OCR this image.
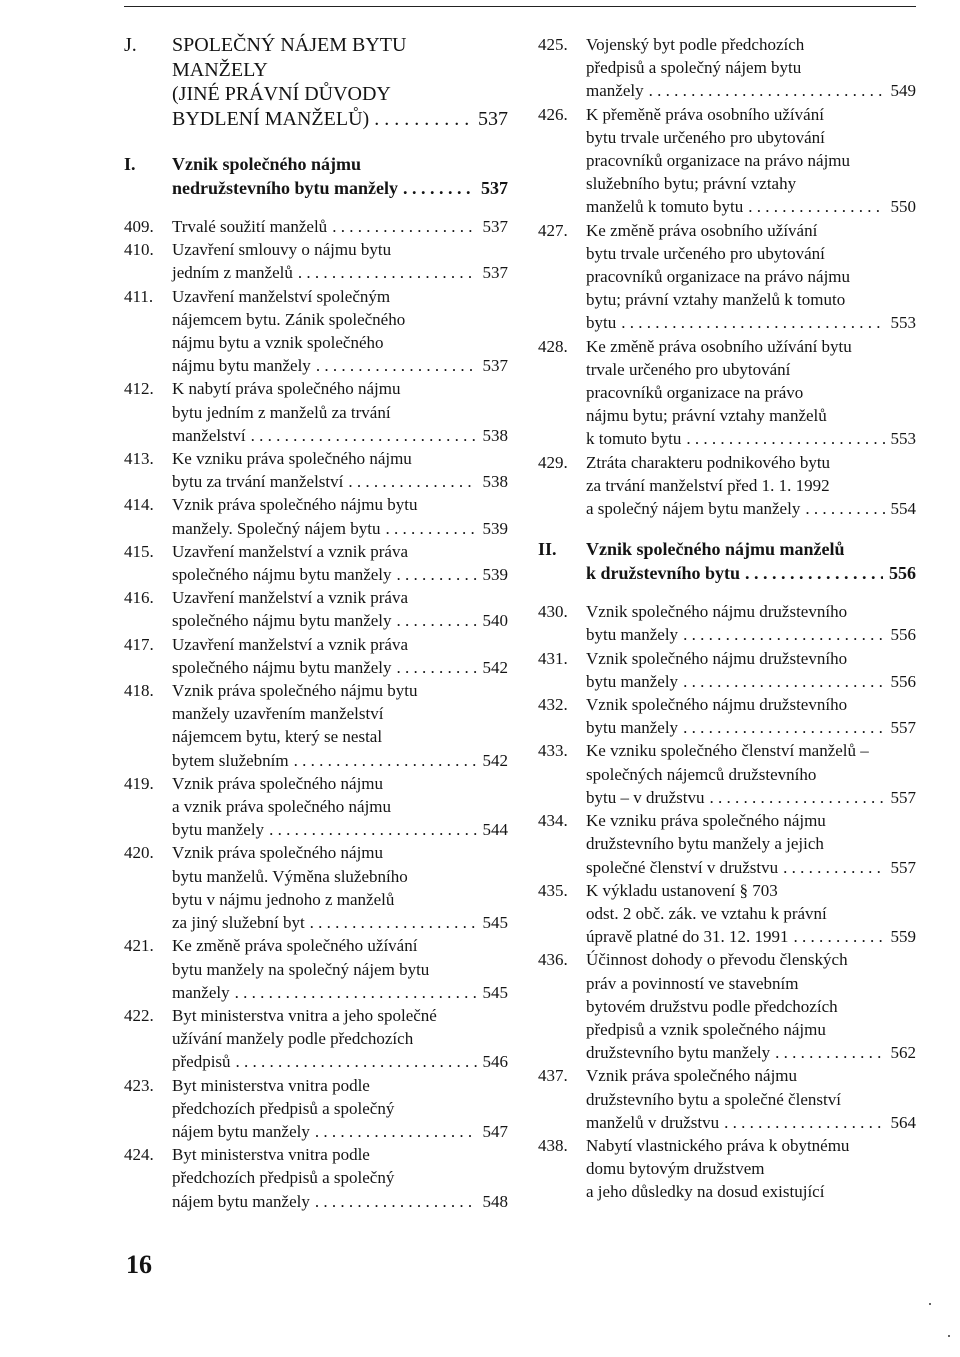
J.	SPOLEČNÝ NÁJEM BYTU
MANŽELY
(JINÉ PRÁVNÍ DŮVODY
BYDLENÍ MANŽELŮ) . . .	537
I.	Vznik společného nájmu
nedružstevního bytu manžely . . .	537
409.	Trvalé soužití manželů . . .	537
410.	Uzavření smlouvy o nájmu bytu
jedním z manželů . . .	537
411.	Uzavření manželství společným
nájemcem bytu. Zánik společného
nájmu bytu a vznik společného
nájmu bytu manžely . . .	537
412.	K nabytí práva společného nájmu
bytu jedním z manželů za trvání
manželství . . .	538
413.	Ke vzniku práva společného nájmu
bytu za trvání manželství . . .	538
414.	Vznik práva společného nájmu bytu
manžely. Společný nájem bytu . . .	539
415.	Uzavření manželství a vznik práva
společného nájmu bytu manžely . . .	539
416.	Uzavření manželství a vznik práva
společného nájmu bytu manžely . . .	540
417.	Uzavření manželství a vznik práva
společného nájmu bytu manžely . . .	542
418.	Vznik práva společného nájmu bytu
manžely uzavřením manželství
nájemcem bytu, který se nestal
bytem služebním . . .	542
419.	Vznik práva společného nájmu
a vznik práva společného nájmu
bytu manžely . . .	544
420.	Vznik práva společného nájmu
bytu manželů. Výměna služebního
bytu v nájmu jednoho z manželů
za jiný služební byt . . .	545
421.	Ke změně práva společného užívání
bytu manžely na společný nájem bytu
manžely . . .	545
422.	Byt ministerstva vnitra a jeho společné
užívání manžely podle předchozích
předpisů . . .	546
423.	Byt ministerstva vnitra podle
předchozích předpisů a společný
nájem bytu manžely . . .	547
424.	Byt ministerstva vnitra podle
předchozích předpisů a společný
nájem bytu manžely . . .	548
425.	Vojenský byt podle předchozích
předpisů a společný nájem bytu
manžely . . .	549
426.	K přeměně práva osobního užívání
bytu trvale určeného pro ubytování
pracovníků organizace na právo nájmu
služebního bytu; právní vztahy
manželů k tomuto bytu . . .	550
427.	Ke změně práva osobního užívání
bytu trvale určeného pro ubytování
pracovníků organizace na právo nájmu
bytu; právní vztahy manželů k tomuto
bytu . . .	553
428.	Ke změně práva osobního užívání bytu
trvale určeného pro ubytování
pracovníků organizace na právo
nájmu bytu; právní vztahy manželů
k tomuto bytu . . .	553
429.	Ztráta charakteru podnikového bytu
za trvání manželství před 1. 1. 1992
a společný nájem bytu manžely . . .	554
II.	Vznik společného nájmu manželů
k družstevního bytu . . .	556
430.	Vznik společného nájmu družstevního
bytu manžely . . .	556
431.	Vznik společného nájmu družstevního
bytu manžely . . .	556
432.	Vznik společného nájmu družstevního
bytu manžely . . .	557
433.	Ke vzniku společného členství manželů –
společných nájemců družstevního
bytu – v družstvu . . .	557
434.	Ke vzniku práva společného nájmu
družstevního bytu manžely a jejich
společné členství v družstvu . . .	557
435.	K výkladu ustanovení § 703
odst. 2 obč. zák. ve vztahu k právní
úpravě platné do 31. 12. 1991 . . .	559
436.	Účinnost dohody o převodu členských
práv a povinností ve stavebním
bytovém družstvu podle předchozích
předpisů a vznik společného nájmu
družstevního bytu manžely . . .	562
437.	Vznik práva společného nájmu
družstevního bytu a společné členství
manželů v družstvu . . .	564
438.	Nabytí vlastnického práva k obytnému
domu bytovým družstvem
a jeho důsledky na dosud existující
16
